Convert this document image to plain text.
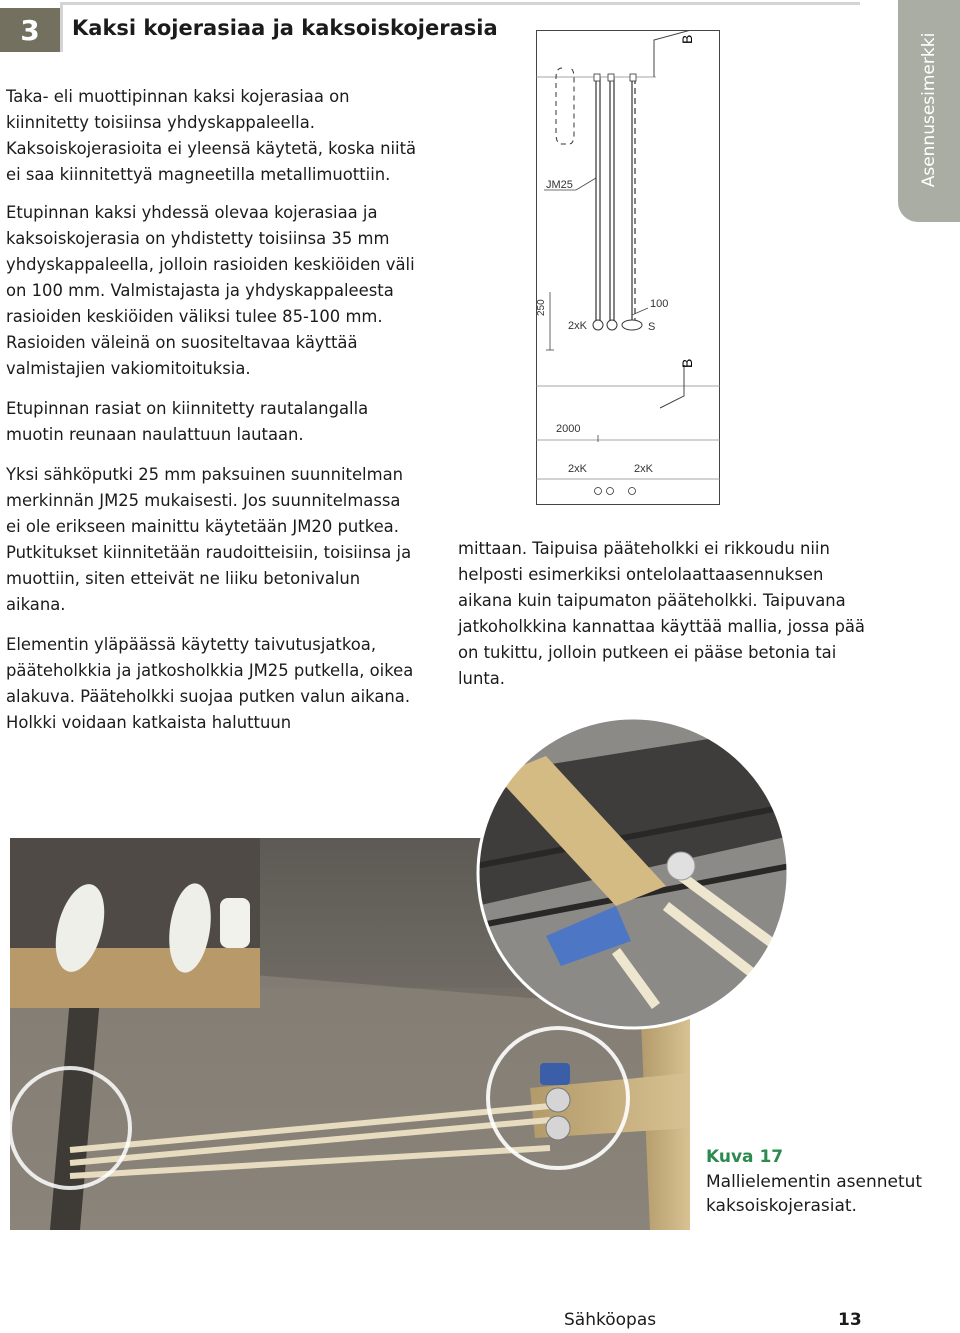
3	Kaksi kojerasiaa ja kaksoiskojerasia
Asennusesimerkki

Taka- eli muottipinnan kaksi kojerasiaa on kiinnitetty toisiinsa yhdyskappaleella. Kaksoiskojerasioita ei yleensä käytetä, koska niitä ei saa kiinnitettyä magneetilla metallimuottiin.

Etupinnan kaksi yhdessä olevaa kojerasiaa ja kaksoiskojerasia on yhdistetty toisiinsa 35 mm yhdyskappaleella, jolloin rasioiden keskiöiden väli on 100 mm. Valmistajasta ja yhdyskappaleesta rasioiden keskiöiden väliksi tulee 85-100 mm. Rasioiden väleinä on suositeltavaa käyttää valmistajien vakiomitoituksia.

Etupinnan rasiat on kiinnitetty rautalangalla muotin reunaan naulattuun lautaan.

Yksi sähköputki 25 mm paksuinen suunnitelman merkinnän JM25 mukaisesti. Jos suunnitelmassa ei ole erikseen mainittu käytetään JM20 putkea. Putkitukset kiinnitetään raudoitteisiin, toisiinsa ja muottiin, siten etteivät ne liiku betonivalun aikana.

Elementin yläpäässä käytetty taivutusjatkoa, pääteholkkia ja jatkosholkkia JM25 putkella, oikea alakuva. Pääteholkki suojaa putken valun aikana. Holkki voidaan katkaista haluttuun

mittaan. Taipuisa pääteholkki ei rikkoudu niin helposti esimerkiksi ontelolaattaasennuksen aikana kuin taipumaton pääteholkki. Taipuvana jatkoholkkina kannattaa käyttää mallia, jossa pää on tukittu, jolloin putkeen ei pääse betonia tai lunta.

B
JM25
250
2xK
100
S
B
2000
2xK	2xK
Kuva 17
Mallielementin asennetut kaksoiskojerasiat.
Sähköopas	13
